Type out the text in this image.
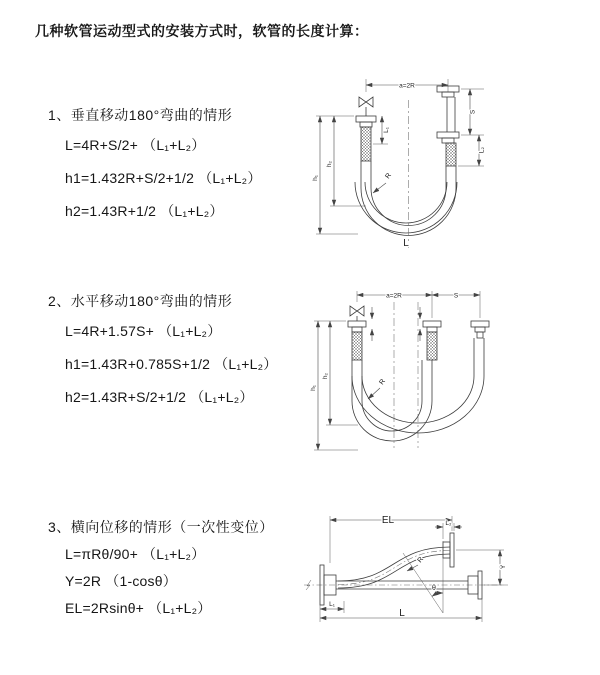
几种软管运动型式的安装方式时，软管的长度计算：
1、垂直移动180°弯曲的情形
L=4R+S/2+ （L₁+L₂）
h1=1.432R+S/2+1/2 （L₁+L₂）
h2=1.43R+1/2 （L₁+L₂）
2、水平移动180°弯曲的情形
L=4R+1.57S+ （L₁+L₂）
h1=1.43R+0.785S+1/2 （L₁+L₂）
h2=1.43R+S/2+1/2 （L₁+L₂）
3、横向位移的情形（一次性变位）
L=πRθ/90+ （L₁+L₂）
Y=2R （1-cosθ）
EL=2Rsinθ+ （L₁+L₂）
a=2R
h₁
h₂
L₁
S
L₂
R
L
a=2R	S
h₁
h₂
R
EL	L₂
R
θ
Y
L₁
L
